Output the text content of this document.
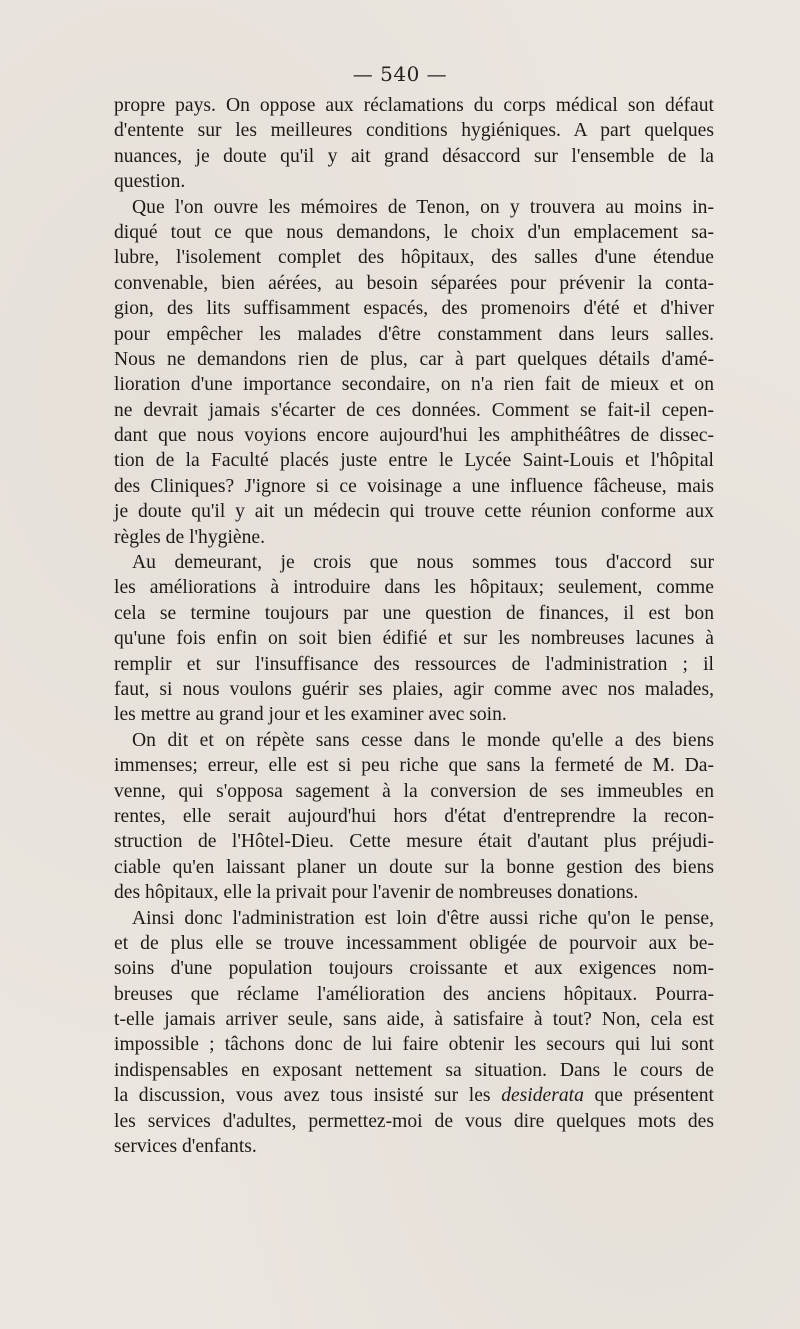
— 540 —
propre pays. On oppose aux réclamations du corps médical son défaut
d'entente sur les meilleures conditions hygiéniques. A part quelques
nuances, je doute qu'il y ait grand désaccord sur l'ensemble de la
question.
Que l'on ouvre les mémoires de Tenon, on y trouvera au moins in-
diqué tout ce que nous demandons, le choix d'un emplacement sa-
lubre, l'isolement complet des hôpitaux, des salles d'une étendue
convenable, bien aérées, au besoin séparées pour prévenir la conta-
gion, des lits suffisamment espacés, des promenoirs d'été et d'hiver
pour empêcher les malades d'être constamment dans leurs salles.
Nous ne demandons rien de plus, car à part quelques détails d'amé-
lioration d'une importance secondaire, on n'a rien fait de mieux et on
ne devrait jamais s'écarter de ces données. Comment se fait-il cepen-
dant que nous voyions encore aujourd'hui les amphithéâtres de dissec-
tion de la Faculté placés juste entre le Lycée Saint-Louis et l'hôpital
des Cliniques? J'ignore si ce voisinage a une influence fâcheuse, mais
je doute qu'il y ait un médecin qui trouve cette réunion conforme aux
règles de l'hygiène.
Au demeurant, je crois que nous sommes tous d'accord sur
les améliorations à introduire dans les hôpitaux; seulement, comme
cela se termine toujours par une question de finances, il est bon
qu'une fois enfin on soit bien édifié et sur les nombreuses lacunes à
remplir et sur l'insuffisance des ressources de l'administration ; il
faut, si nous voulons guérir ses plaies, agir comme avec nos malades,
les mettre au grand jour et les examiner avec soin.
On dit et on répète sans cesse dans le monde qu'elle a des biens
immenses; erreur, elle est si peu riche que sans la fermeté de M. Da-
venne, qui s'opposa sagement à la conversion de ses immeubles en
rentes, elle serait aujourd'hui hors d'état d'entreprendre la recon-
struction de l'Hôtel-Dieu. Cette mesure était d'autant plus préjudi-
ciable qu'en laissant planer un doute sur la bonne gestion des biens
des hôpitaux, elle la privait pour l'avenir de nombreuses donations.
Ainsi donc l'administration est loin d'être aussi riche qu'on le pense,
et de plus elle se trouve incessamment obligée de pourvoir aux be-
soins d'une population toujours croissante et aux exigences nom-
breuses que réclame l'amélioration des anciens hôpitaux. Pourra-
t-elle jamais arriver seule, sans aide, à satisfaire à tout? Non, cela est
impossible ; tâchons donc de lui faire obtenir les secours qui lui sont
indispensables en exposant nettement sa situation. Dans le cours de
la discussion, vous avez tous insisté sur les desiderata que présentent
les services d'adultes, permettez-moi de vous dire quelques mots des
services d'enfants.
